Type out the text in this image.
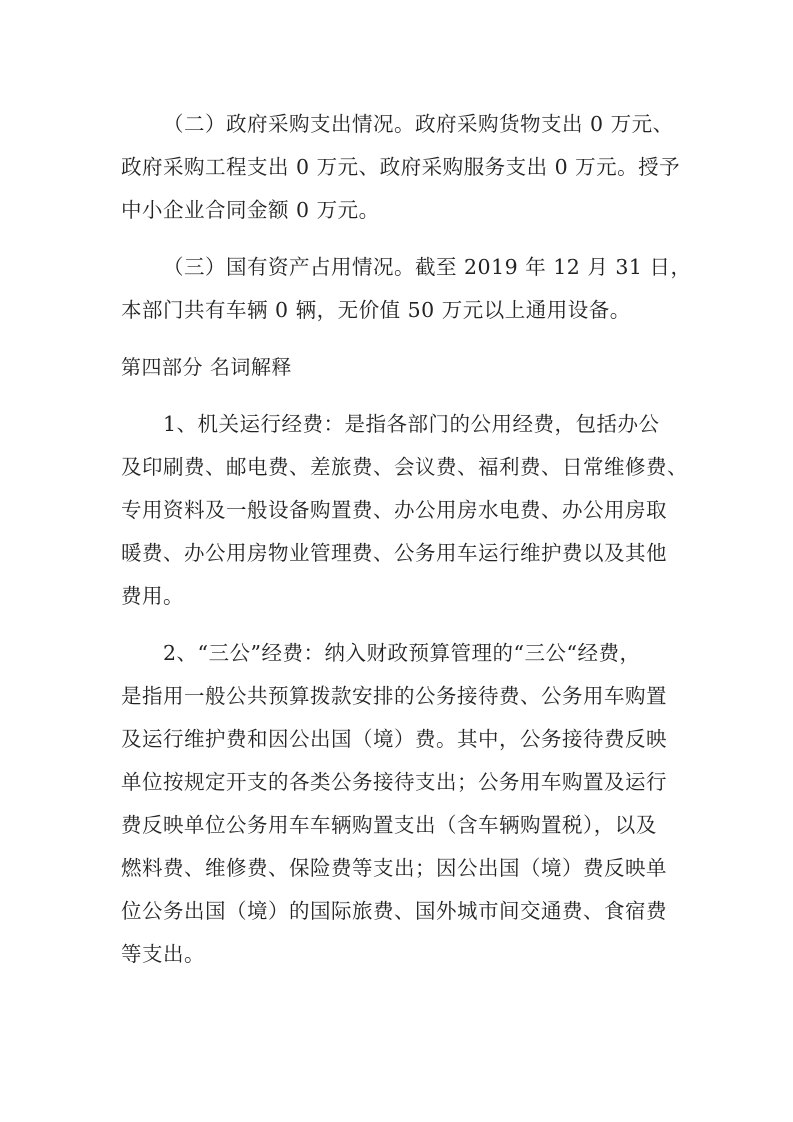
（二）政府采购支出情况。政府采购货物支出 0 万元、
政府采购工程支出 0 万元、政府采购服务支出 0 万元。授予
中小企业合同金额 0 万元。
（三）国有资产占用情况。截至 2019 年 12 月 31 日，
本部门共有车辆 0 辆，无价值 50 万元以上通用设备。
第四部分 名词解释
1、机关运行经费：是指各部门的公用经费，包括办公
及印刷费、邮电费、差旅费、会议费、福利费、日常维修费、
专用资料及一般设备购置费、办公用房水电费、办公用房取
暖费、办公用房物业管理费、公务用车运行维护费以及其他
费用。
2、“三公”经费：纳入财政预算管理的“三公“经费，
是指用一般公共预算拨款安排的公务接待费、公务用车购置
及运行维护费和因公出国（境）费。其中，公务接待费反映
单位按规定开支的各类公务接待支出；公务用车购置及运行
费反映单位公务用车车辆购置支出（含车辆购置税），以及
燃料费、维修费、保险费等支出；因公出国（境）费反映单
位公务出国（境）的国际旅费、国外城市间交通费、食宿费
等支出。
